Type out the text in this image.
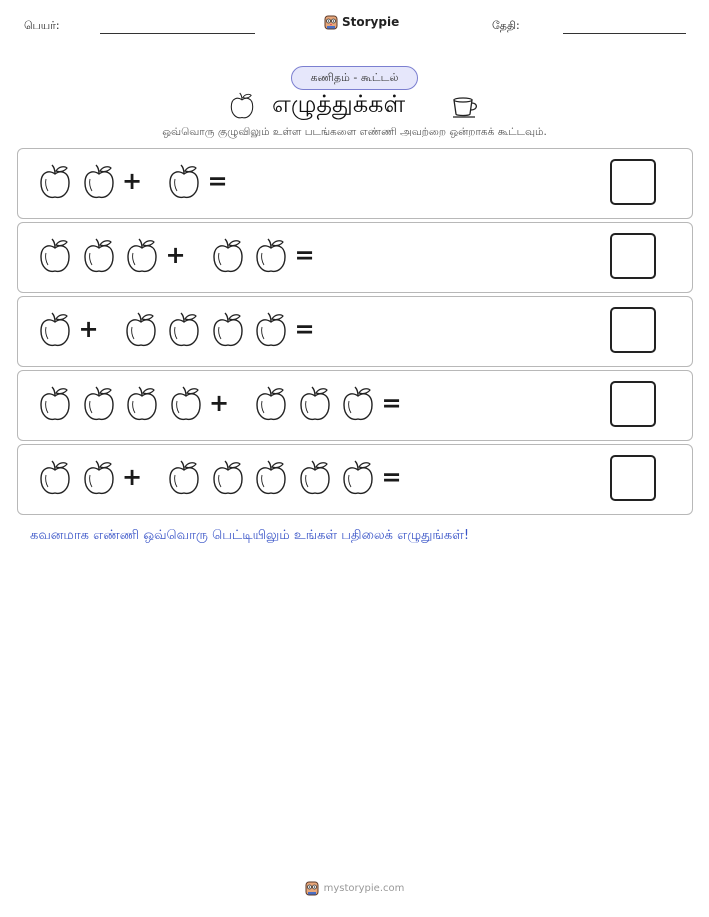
பெயர்:	Storypie	தேதி:
கணிதம் - கூட்டல்
எழுத்துக்கள்
ஒவ்வொரு குழுவிலும் உள்ள படங்களை எண்ணி அவற்றை ஒன்றாகக் கூட்டவும்.
+	=
+	=
+	=
+	=
+	=
கவனமாக எண்ணி ஒவ்வொரு பெட்டியிலும் உங்கள் பதிலைக் எழுதுங்கள்!
mystorypie.com
